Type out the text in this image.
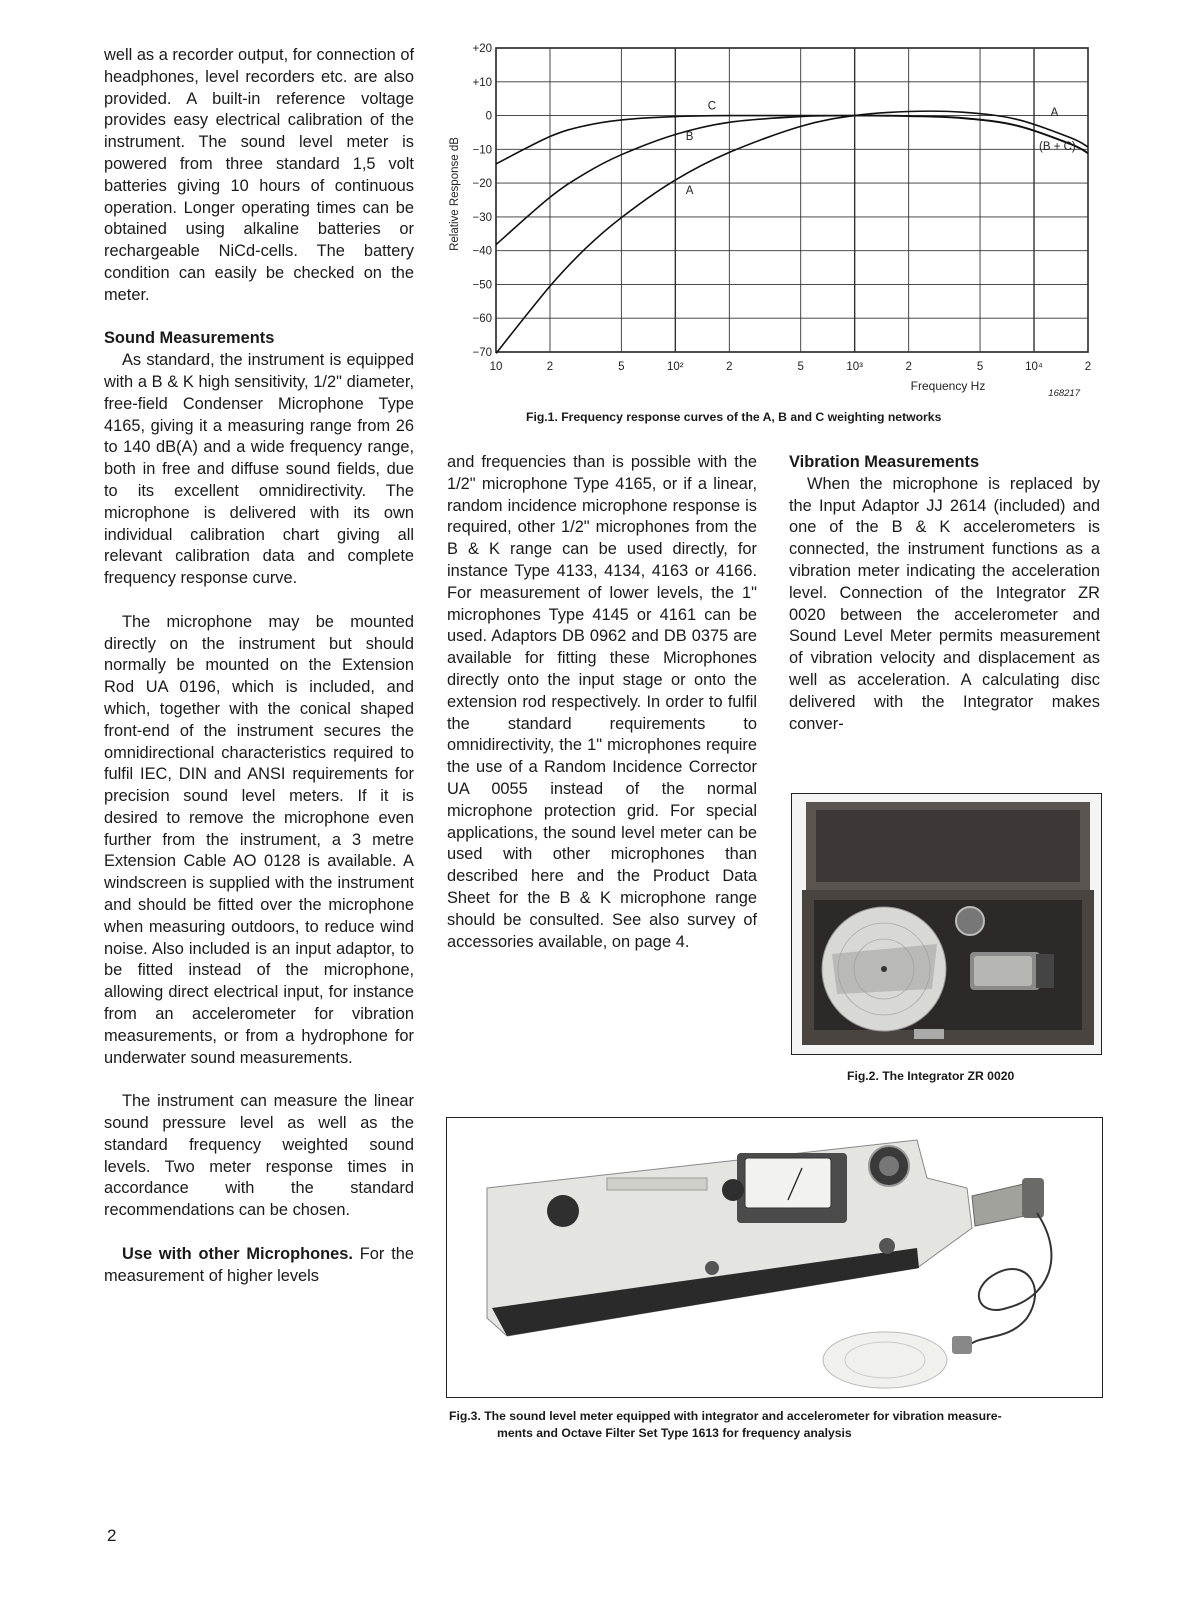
well as a recorder output, for connection of headphones, level recorders etc. are also provided. A built-in reference voltage provides easy electrical calibration of the instrument. The sound level meter is powered from three standard 1,5 volt batteries giving 10 hours of continuous operation. Longer operating times can be obtained using alkaline batteries or rechargeable NiCd-cells. The battery condition can easily be checked on the meter.

Sound Measurements

As standard, the instrument is equipped with a B & K high sensitivity, 1/2" diameter, free-field Condenser Microphone Type 4165, giving it a measuring range from 26 to 140 dB(A) and a wide frequency range, both in free and diffuse sound fields, due to its excellent omnidirectivity. The microphone is delivered with its own individual calibration chart giving all relevant calibration data and complete frequency response curve.

The microphone may be mounted directly on the instrument but should normally be mounted on the Extension Rod UA 0196, which is included, and which, together with the conical shaped front-end of the instrument secures the omnidirectional characteristics required to fulfil IEC, DIN and ANSI requirements for precision sound level meters. If it is desired to remove the microphone even further from the instrument, a 3 metre Extension Cable AO 0128 is available. A windscreen is supplied with the instrument and should be fitted over the microphone when measuring outdoors, to reduce wind noise. Also included is an input adaptor, to be fitted instead of the microphone, allowing direct electrical input, for instance from an accelerometer for vibration measurements, or from a hydrophone for underwater sound measurements.

The instrument can measure the linear sound pressure level as well as the standard frequency weighted sound levels. Two meter response times in accordance with the standard recommendations can be chosen.

Use with other Microphones. For the measurement of higher levels

+20
+10
0
−10
−20
−30
−40
−50
−60
−70
10	2	5	10²	2	5	10³	2	5	10⁴	2
C
B
A
A
(B + C)
Relative Response dB
Frequency Hz
168217
Fig.1. Frequency response curves of the A, B and C weighting networks

and frequencies than is possible with the 1/2" microphone Type 4165, or if a linear, random incidence microphone response is required, other 1/2" microphones from the B & K range can be used directly, for instance Type 4133, 4134, 4163 or 4166. For measurement of lower levels, the 1" microphones Type 4145 or 4161 can be used. Adaptors DB 0962 and DB 0375 are available for fitting these Microphones directly onto the input stage or onto the extension rod respectively. In order to fulfil the standard requirements to omnidirectivity, the 1" microphones require the use of a Random Incidence Corrector UA 0055 instead of the normal microphone protection grid. For special applications, the sound level meter can be used with other microphones than described here and the Product Data Sheet for the B & K microphone range should be consulted. See also survey of accessories available, on page 4.

Vibration Measurements

When the microphone is replaced by the Input Adaptor JJ 2614 (included) and one of the B & K accelerometers is connected, the instrument functions as a vibration meter indicating the acceleration level. Connection of the Integrator ZR 0020 between the accelerometer and Sound Level Meter permits measurement of vibration velocity and displacement as well as acceleration. A calculating disc delivered with the Integrator makes conver-

Fig.2. The Integrator ZR 0020
Fig.3. The sound level meter equipped with integrator and accelerometer for vibration measure-
ments and Octave Filter Set Type 1613 for frequency analysis
2
